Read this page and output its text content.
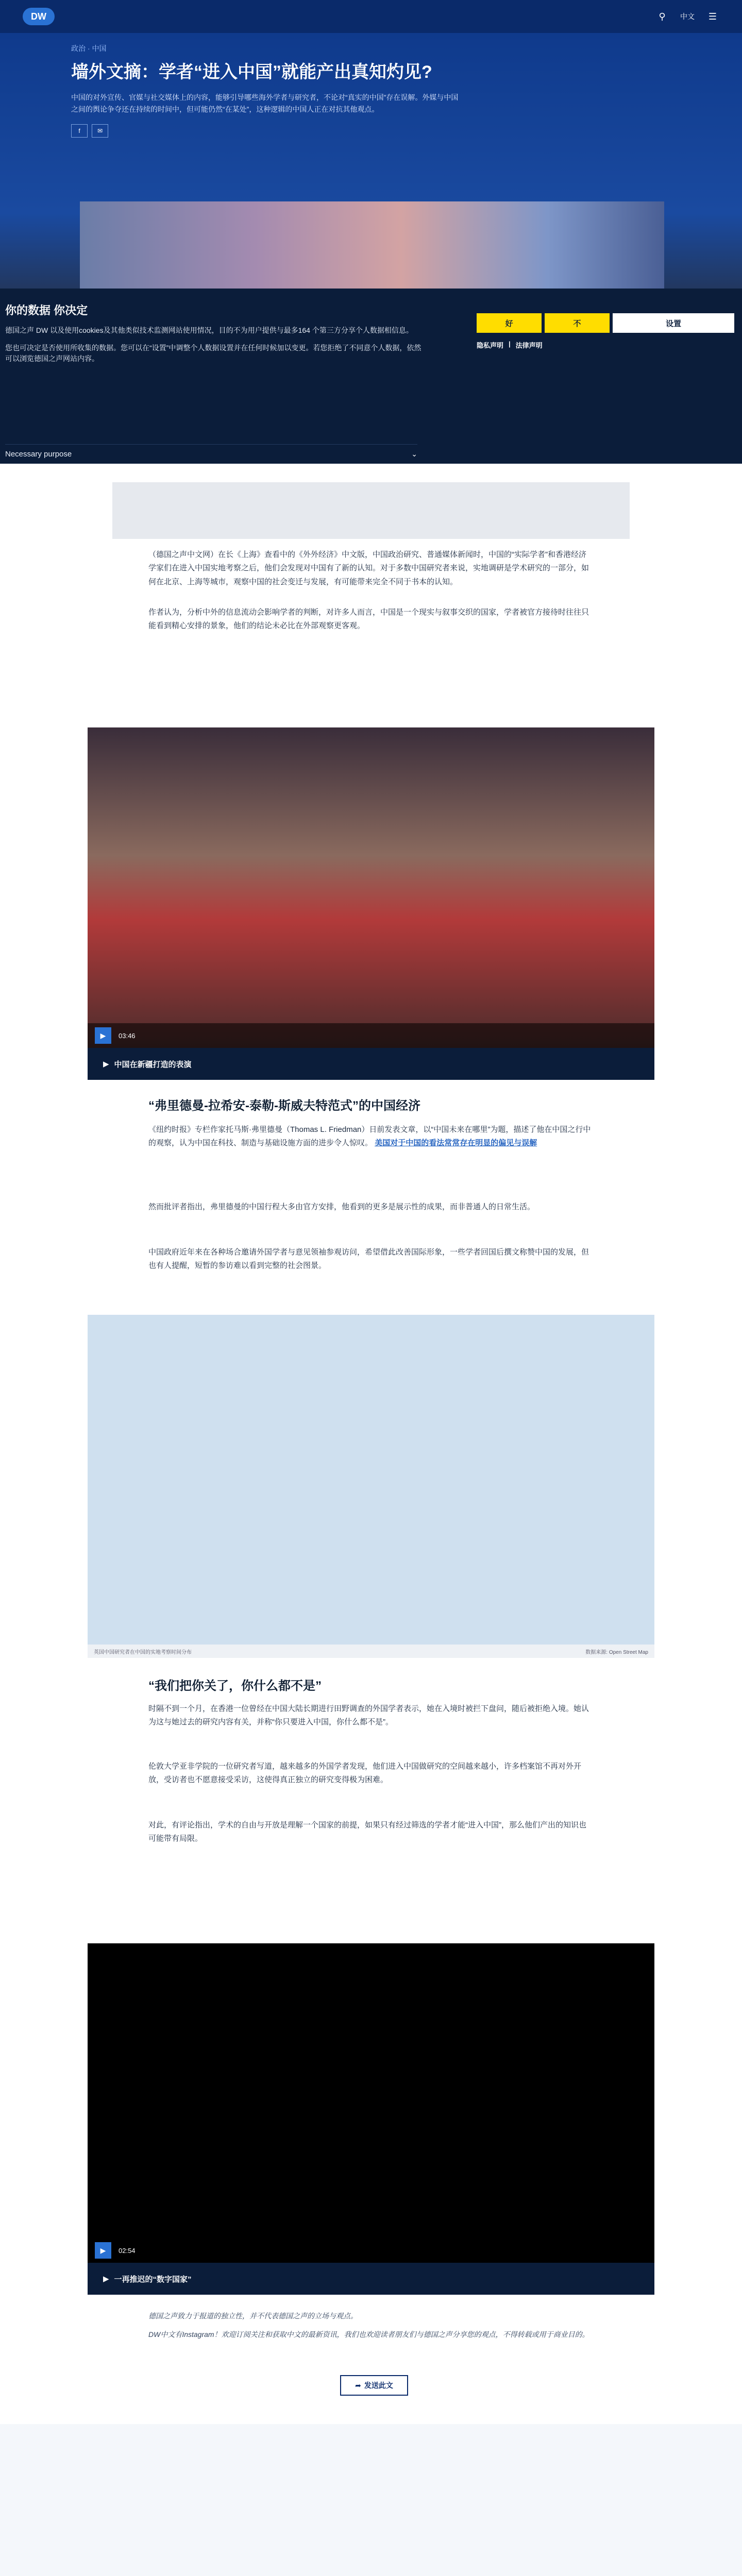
DW	⚲	中文 ☰
政治 · 中国
墙外文摘：学者“进入中国”就能产出真知灼见?
中国的对外宣传、官媒与社交媒体上的内容，能够引导哪些海外学者与研究者，不论对“真实的中国”存在误解。外媒与中国之间的舆论争夺还在持续的时间中，但可能仍然“在某处”，这种逻辑的中国人正在对抗其他观点。
f	✉
你的数据 你决定
德国之声 DW 以及使用cookies及其他类似技术监测网站使用情况，目的不为用户提供与最多164 个第三方分享个人数据相信息。
您也可决定是否使用所收集的数据。您可以在“设置”中调整个人数据设置并在任何时候加以变更。若您拒绝了不同意个人数据，依然可以浏览德国之声网站内容。
好	不	设置
隐私声明 | 法律声明
Necessary purpose	⌄
（德国之声中文网）在长《上海》查看中的《外外经济》中文版，中国政治研究、普通媒体新闻时，中国的“实际学者”和香港经济学家们在进入中国实地考察之后，他们会发现对中国有了新的认知。对于多数中国研究者来说，实地调研是学术研究的一部分，如何在北京、上海等城市，观察中国的社会变迁与发展，有可能带来完全不同于书本的认知。
作者认为，分析中外的信息流动会影响学者的判断，对许多人而言，中国是一个现实与叙事交织的国家，学者被官方接待时往往只能看到精心安排的景象，他们的结论未必比在外部观察更客观。
▶	03:46
▶ 中国在新疆打造的表演
“弗里德曼-拉希安-泰勒-斯威夫特范式”的中国经济
《纽约时报》专栏作家托马斯·弗里德曼（Thomas L. Friedman）日前发表文章，以“中国未来在哪里”为题，描述了他在中国之行中的观察，认为中国在科技、制造与基础设施方面的进步令人惊叹。 美国对于中国的看法常常存在明显的偏见与误解
然而批评者指出，弗里德曼的中国行程大多由官方安排，他看到的更多是展示性的成果，而非普通人的日常生活。
中国政府近年来在各种场合邀请外国学者与意见领袖参观访问，希望借此改善国际形象，一些学者回国后撰文称赞中国的发展，但也有人提醒，短暂的参访难以看到完整的社会图景。
英国中国研究者在中国的实地考察时间分布	数据来源: Open Street Map
“我们把你关了，你什么都不是”
时隔不到一个月，在香港一位曾经在中国大陆长期进行田野调查的外国学者表示，她在入境时被拦下盘问，随后被拒绝入境。她认为这与她过去的研究内容有关，并称“你只要进入中国，你什么都不是”。
伦敦大学亚非学院的一位研究者写道，越来越多的外国学者发现，他们进入中国做研究的空间越来越小，许多档案馆不再对外开放，受访者也不愿意接受采访，这使得真正独立的研究变得极为困难。
对此，有评论指出，学术的自由与开放是理解一个国家的前提，如果只有经过筛选的学者才能“进入中国”，那么他们产出的知识也可能带有局限。
▶	02:54
▶ 一再推迟的“数字国家”
德国之声致力于报道的独立性，并不代表德国之声的立场与观点。
DW中文有Instagram！欢迎订阅关注和获取中文的最新资讯，我们也欢迎读者朋友们与德国之声分享您的观点，不得转载或用于商业目的。
➦ 发送此文
